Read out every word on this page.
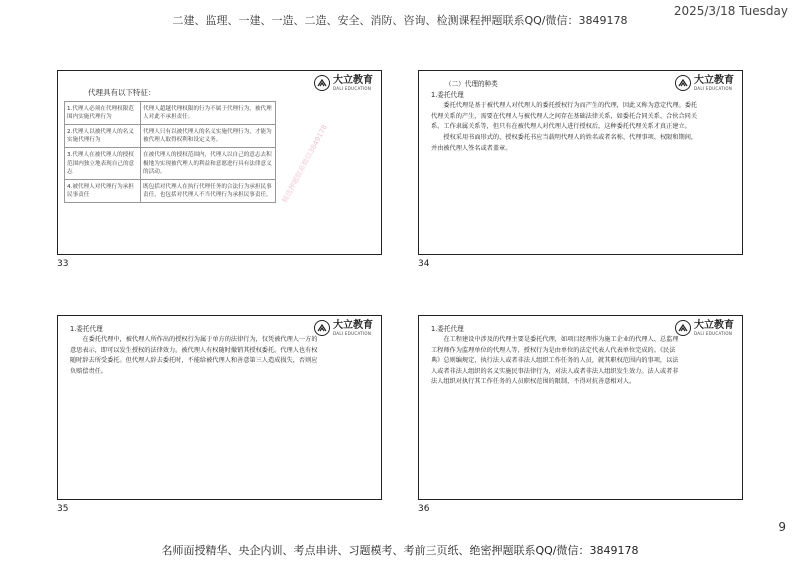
2025/3/18 Tuesday
二建、监理、一建、一造、二造、安全、消防、咨询、检测课程押题联系QQ/微信：3849178
大立教育
DALI EDUCATION
代理具有以下特征：
1.代理人必须在代理权限范围内实施代理行为	代理人超越代理权限的行为不属于代理行为，被代理人对此不承担责任。
2.代理人以被代理人的名义实施代理行为	代理人只有以被代理人的名义实施代理行为，才能为被代理人取得权利和设定义务。
3.代理人在被代理人的授权范围内独立地表现自己的意志	在被代理人的授权范围内，代理人以自己的意志去积极地为实现被代理人的利益和意愿进行具有法律意义的活动。
4.被代理人对代理行为承担民事责任	既包括对代理人在执行代理任务的合法行为承担民事责任，也包括对代理人不当代理行为承担民事责任。
33
大立教育
DALI EDUCATION

（二）代理的种类

1.委托代理

委托代理是基于被代理人对代理人的委托授权行为而产生的代理，因此又称为意定代理。委托代理关系的产生，需要在代理人与被代理人之间存在基础法律关系，如委托合同关系、合伙合同关系、工作隶属关系等，但只有在被代理人对代理人进行授权后，这种委托代理关系才真正建立。

授权采用书面形式的，授权委托书应当载明代理人的姓名或者名称、代理事项、权限和期间，并由被代理人签名或者盖章。

34
大立教育
DALI EDUCATION

1.委托代理

在委托代理中，被代理人所作出的授权行为属于单方的法律行为，仅凭被代理人一方的意思表示，即可以发生授权的法律效力。被代理人有权随时撤销其授权委托。代理人也有权随时辞去所受委托。但代理人辞去委托时，不能给被代理人和善意第三人造成损失，否则应负赔偿责任。

35
大立教育
DALI EDUCATION

1.委托代理

在工程建设中涉及的代理主要是委托代理，如项目经理作为施工企业的代理人、总监理工程师作为监理单位的代理人等，授权行为是由单位的法定代表人代表单位完成的。《民法典》总则编规定，执行法人或者非法人组织工作任务的人员，就其职权范围内的事项，以法人或者非法人组织的名义实施民事法律行为，对法人或者非法人组织发生效力。法人或者非法人组织对执行其工作任务的人员职权范围的限制，不得对抗善意相对人。

36
精选押题联系微信3849178
9
名师面授精华、央企内训、考点串讲、习题模考、考前三页纸、绝密押题联系QQ/微信：3849178
